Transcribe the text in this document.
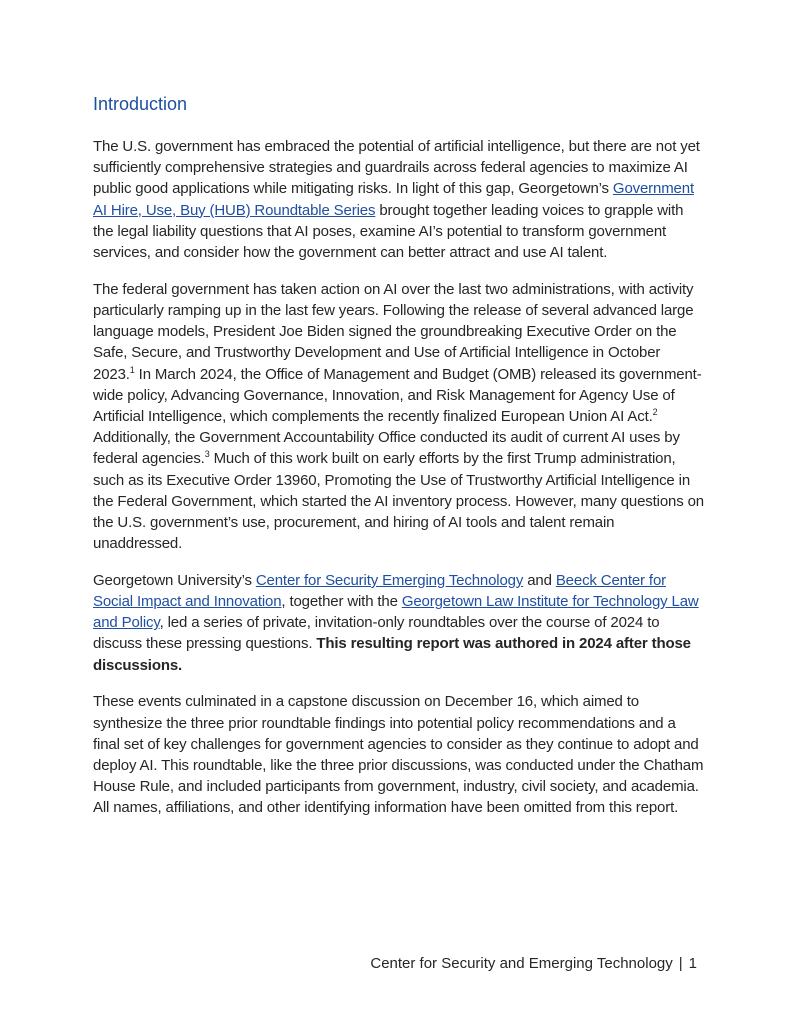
Introduction

The U.S. government has embraced the potential of artificial intelligence, but there are not yet sufficiently comprehensive strategies and guardrails across federal agencies to maximize AI public good applications while mitigating risks. In light of this gap, Georgetown’s Government AI Hire, Use, Buy (HUB) Roundtable Series brought together leading voices to grapple with the legal liability questions that AI poses, examine AI’s potential to transform government services, and consider how the government can better attract and use AI talent.

The federal government has taken action on AI over the last two administrations, with activity particularly ramping up in the last few years. Following the release of several advanced large language models, President Joe Biden signed the groundbreaking Executive Order on the Safe, Secure, and Trustworthy Development and Use of Artificial Intelligence in October 2023.$^1$ In March 2024, the Office of Management and Budget (OMB) released its government-wide policy, Advancing Governance, Innovation, and Risk Management for Agency Use of Artificial Intelligence, which complements the recently finalized European Union AI Act.$^2$ Additionally, the Government Accountability Office conducted its audit of current AI uses by federal agencies.$^3$ Much of this work built on early efforts by the first Trump administration, such as its Executive Order 13960, Promoting the Use of Trustworthy Artificial Intelligence in the Federal Government, which started the AI inventory process. However, many questions on the U.S. government’s use, procurement, and hiring of AI tools and talent remain unaddressed.

Georgetown University’s Center for Security Emerging Technology and Beeck Center for Social Impact and Innovation, together with the Georgetown Law Institute for Technology Law and Policy, led a series of private, invitation-only roundtables over the course of 2024 to discuss these pressing questions. This resulting report was authored in 2024 after those discussions.

These events culminated in a capstone discussion on December 16, which aimed to synthesize the three prior roundtable findings into potential policy recommendations and a final set of key challenges for government agencies to consider as they continue to adopt and deploy AI. This roundtable, like the three prior discussions, was conducted under the Chatham House Rule, and included participants from government, industry, civil society, and academia. All names, affiliations, and other identifying information have been omitted from this report.

Center for Security and Emerging Technology | 1
